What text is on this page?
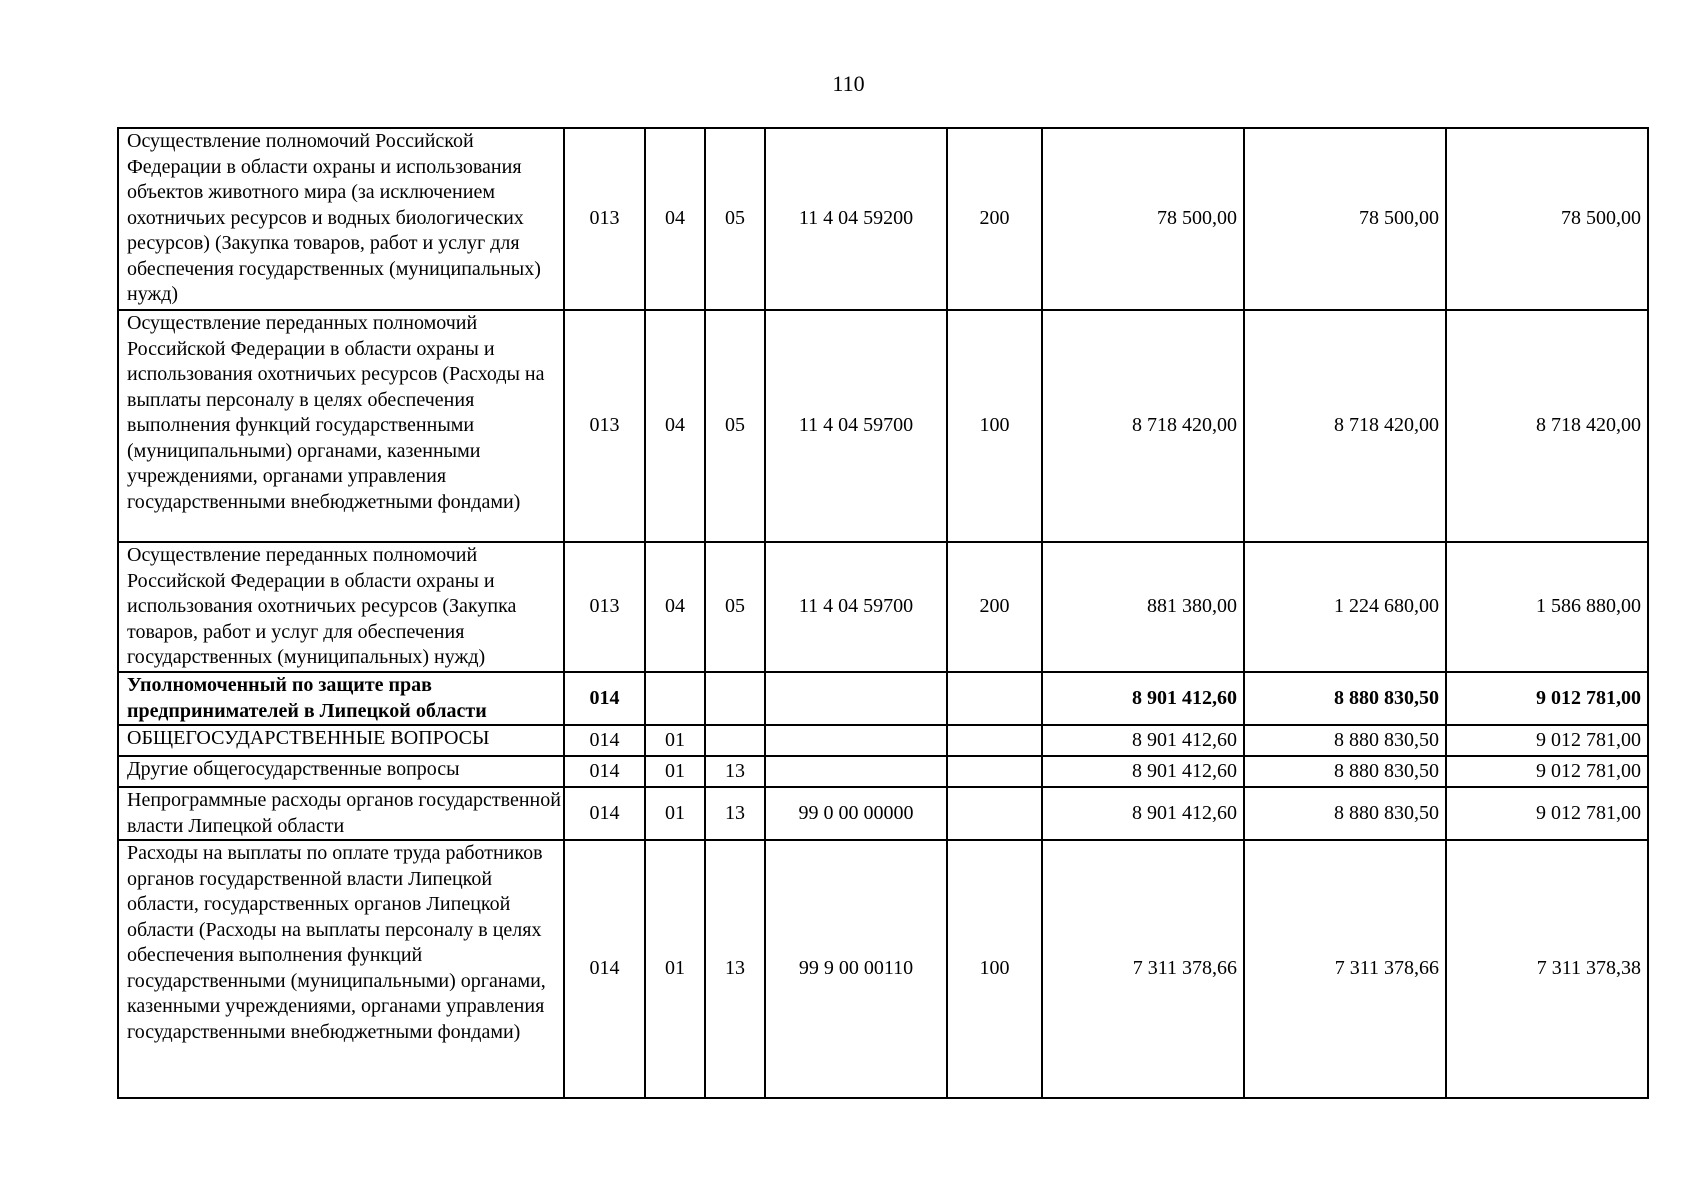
110
Осуществление полномочий Российской Федерации в области охраны и использования объектов животного мира (за исключением охотничьих ресурсов и водных биологических ресурсов) (Закупка товаров, работ и услуг для обеспечения государственных (муниципальных) нужд)	013	04	05	11 4 04 59200	200	78 500,00	78 500,00	78 500,00
Осуществление переданных полномочий Российской Федерации в области охраны и использования охотничьих ресурсов (Расходы на выплаты персоналу в целях обеспечения выполнения функций государственными (муниципальными) органами, казенными учреждениями, органами управления государственными внебюджетными фондами)	013	04	05	11 4 04 59700	100	8 718 420,00	8 718 420,00	8 718 420,00
Осуществление переданных полномочий Российской Федерации в области охраны и использования охотничьих ресурсов (Закупка товаров, работ и услуг для обеспечения государственных (муниципальных) нужд)	013	04	05	11 4 04 59700	200	881 380,00	1 224 680,00	1 586 880,00
Уполномоченный по защите прав предпринимателей в Липецкой области	014					8 901 412,60	8 880 830,50	9 012 781,00
ОБЩЕГОСУДАРСТВЕННЫЕ ВОПРОСЫ	014	01				8 901 412,60	8 880 830,50	9 012 781,00
Другие общегосударственные вопросы	014	01	13			8 901 412,60	8 880 830,50	9 012 781,00
Непрограммные расходы органов государственной власти Липецкой области	014	01	13	99 0 00 00000		8 901 412,60	8 880 830,50	9 012 781,00
Расходы на выплаты по оплате труда работников органов государственной власти Липецкой области, государственных органов Липецкой области (Расходы на выплаты персоналу в целях обеспечения выполнения функций государственными (муниципальными) органами, казенными учреждениями, органами управления государственными внебюджетными фондами)	014	01	13	99 9 00 00110	100	7 311 378,66	7 311 378,66	7 311 378,38
